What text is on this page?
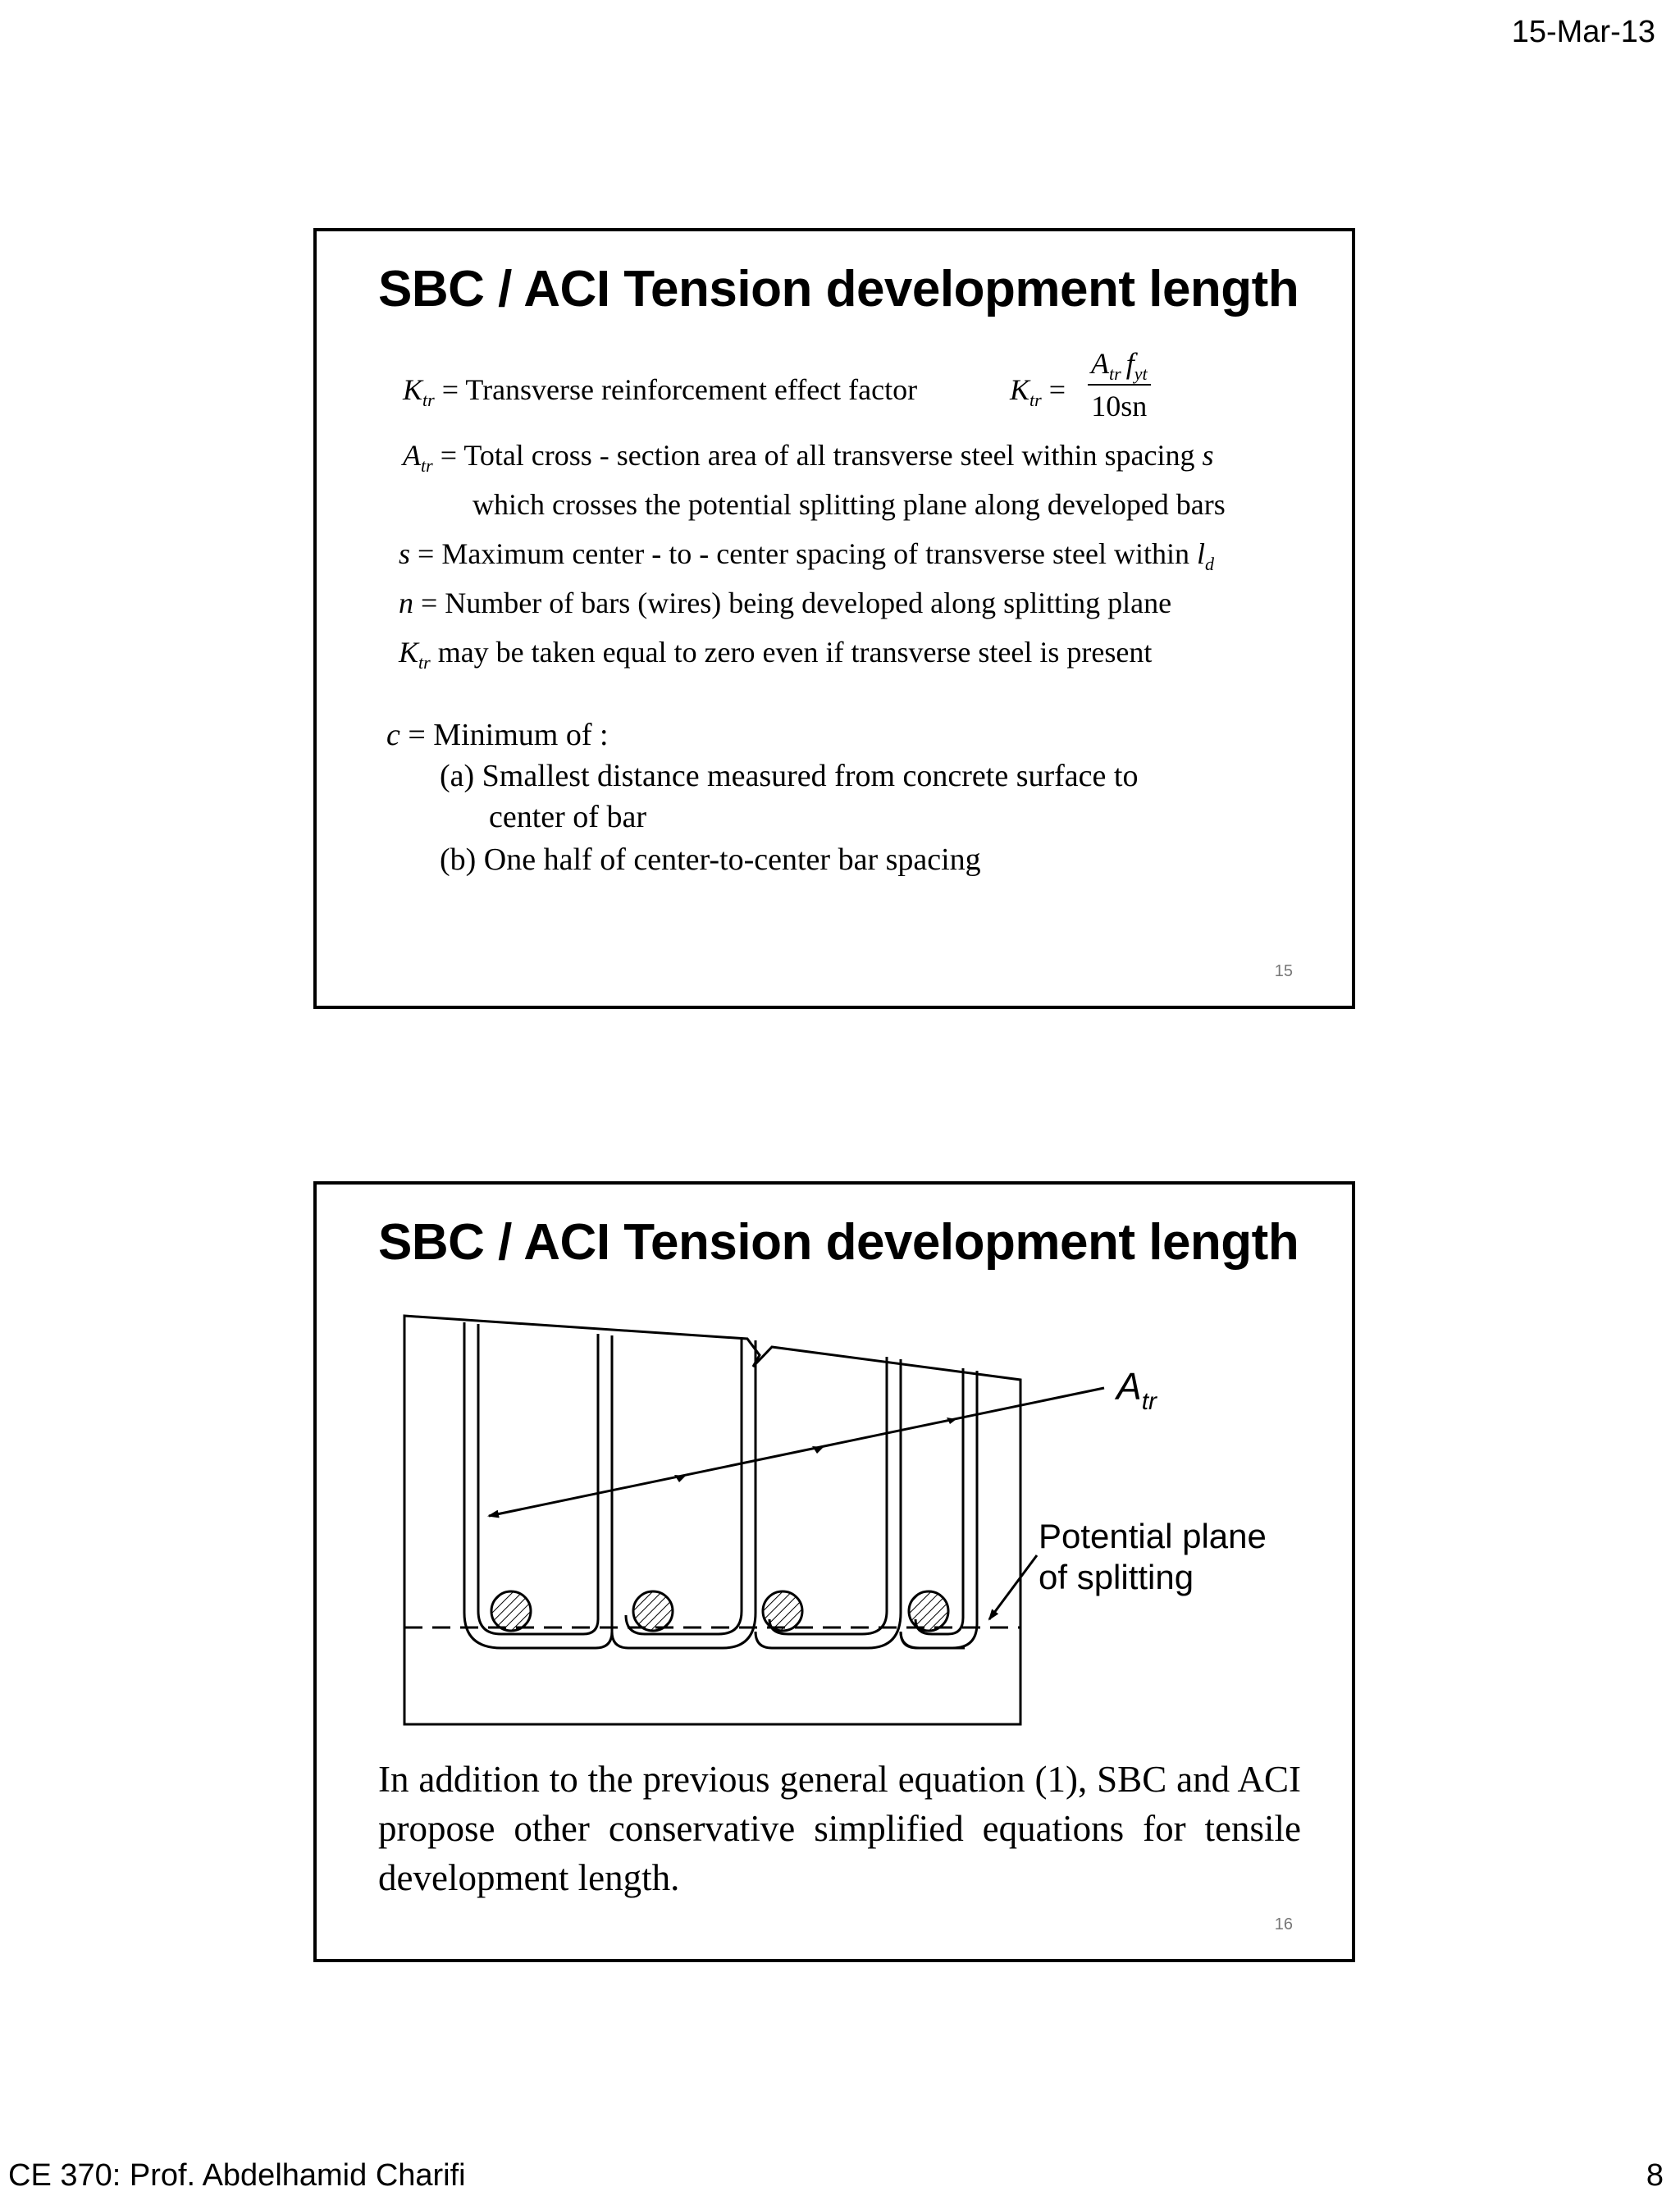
15-Mar-13
SBC / ACI Tension development length
$K_{tr}$ = Transverse reinforcement effect factor	$K_{tr}$ =
$A_{tr}$ $f_{yt}$
10sn
$A_{tr}$ = Total cross - section area of all transverse steel within spacing s
which crosses the potential splitting plane along developed bars
s = Maximum center - to - center spacing of transverse steel within $l_d$
n = Number of bars (wires) being developed along splitting plane
$K_{tr}$ may be taken equal to zero even if transverse steel is present
c = Minimum of :
(a) Smallest distance measured from concrete surface to
center of bar
(b) One half of center-to-center bar spacing
15
SBC / ACI Tension development length
$A_{tr}$
Potential plane
of splitting
In addition to the previous general equation (1), SBC and ACI propose other conservative simplified equations for tensile development length.
16
CE 370: Prof. Abdelhamid Charifi	8
